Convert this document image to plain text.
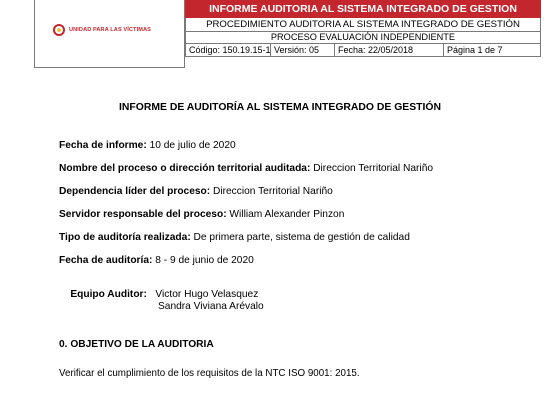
UNIDAD PARA LAS VÍCTIMAS
INFORME AUDITORIA AL SISTEMA INTEGRADO DE GESTION
PROCEDIMIENTO AUDITORIA AL SISTEMA INTEGRADO DE GESTIÓN
PROCESO EVALUACIÓN INDEPENDIENTE
Código: 150.19.15-1 Versión: 05	Fecha: 22/05/2018	Página 1 de 7
INFORME DE AUDITORÍA AL SISTEMA INTEGRADO DE GESTIÓN
Fecha de informe: 10 de julio de 2020
Nombre del proceso o dirección territorial auditada: Direccion Territorial Nariño
Dependencia líder del proceso: Direccion Territorial Nariño
Servidor responsable del proceso: William Alexander Pinzon
Tipo de auditoría realizada: De primera parte, sistema de gestión de calidad
Fecha de auditoría: 8 - 9 de junio de 2020

Equipo Auditor:   Victor Hugo Velasquez

Sandra Viviana Arévalo
0. OBJETIVO DE LA AUDITORIA
Verificar el cumplimiento de los requisitos de la NTC ISO 9001: 2015.
